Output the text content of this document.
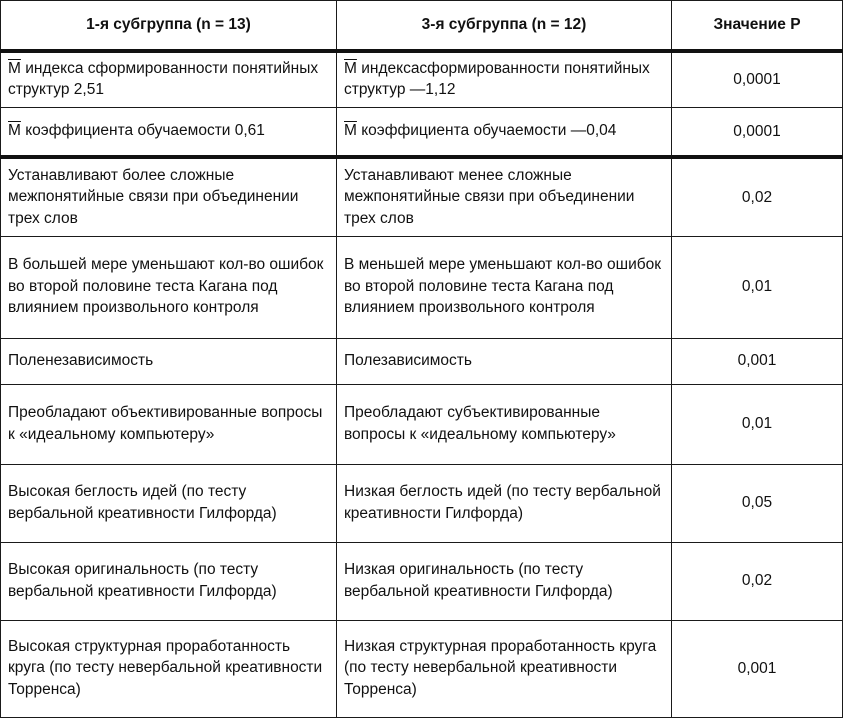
1-я субгруппа (n = 13)	3-я субгруппа (n = 12)	Значение Р
$\overline{M}$ индекса сформированности понятийных структур 2,51	$\overline{M}$ индексасформированности понятийных структур —1,12	0,0001
$\overline{M}$ коэффициента обучаемости 0,61	$\overline{M}$ коэффициента обучаемости —0,04	0,0001
Устанавливают более сложные межпонятийные связи при объединении трех слов	Устанавливают менее сложные межпонятийные связи при объединении трех слов	0,02
В большей мере уменьшают кол-во ошибок во второй половине теста Кагана под влиянием произвольного контроля	В меньшей мере уменьшают кол-во ошибок во второй половине теста Кагана под влиянием произвольного контроля	0,01
Поленезависимость	Полезависимость	0,001
Преобладают объективированные вопросы к «идеальному компьютеру»	Преобладают субъективированные вопросы к «идеальному компьютеру»	0,01
Высокая беглость идей (по тесту вербальной креативности Гилфорда)	Низкая беглость идей (по тесту вербальной креативности Гилфорда)	0,05
Высокая оригинальность (по тесту вербальной креативности Гилфорда)	Низкая оригинальность (по тесту вербальной креативности Гилфорда)	0,02
Высокая структурная проработанность круга (по тесту невербальной креативности Торренса)	Низкая структурная проработанность круга (по тесту невербальной креативности Торренса)	0,001
